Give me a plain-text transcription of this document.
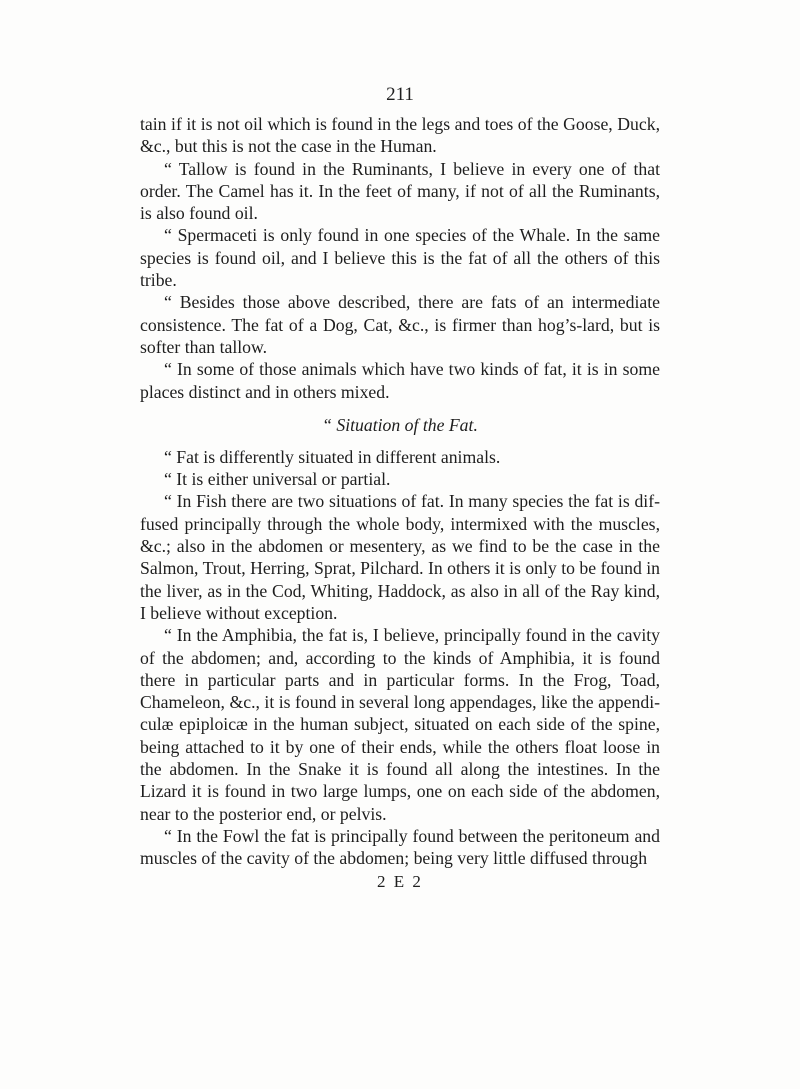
211

tain if it is not oil which is found in the legs and toes of the Goose, Duck, &c., but this is not the case in the Human.

“ Tallow is found in the Ruminants, I believe in every one of that order. The Camel has it. In the feet of many, if not of all the Ruminants, is also found oil.

“ Spermaceti is only found in one species of the Whale. In the same species is found oil, and I believe this is the fat of all the others of this tribe.

“ Besides those above described, there are fats of an intermediate consistence. The fat of a Dog, Cat, &c., is firmer than hog’s-lard, but is softer than tallow.

“ In some of those animals which have two kinds of fat, it is in some places distinct and in others mixed.

“ Situation of the Fat.

“ Fat is differently situated in different animals.

“ It is either universal or partial.

“ In Fish there are two situations of fat. In many species the fat is diffused principally through the whole body, intermixed with the muscles, &c.; also in the abdomen or mesentery, as we find to be the case in the Salmon, Trout, Herring, Sprat, Pilchard. In others it is only to be found in the liver, as in the Cod, Whiting, Haddock, as also in all of the Ray kind, I believe without exception.

“ In the Amphibia, the fat is, I believe, principally found in the cavity of the abdomen; and, according to the kinds of Amphibia, it is found there in particular parts and in particular forms. In the Frog, Toad, Chameleon, &c., it is found in several long appendages, like the appendiculæ epiploicæ in the human subject, situated on each side of the spine, being attached to it by one of their ends, while the others float loose in the abdomen. In the Snake it is found all along the intestines. In the Lizard it is found in two large lumps, one on each side of the abdomen, near to the posterior end, or pelvis.

“ In the Fowl the fat is principally found between the peritoneum and muscles of the cavity of the abdomen; being very little diffused through

2 E 2
